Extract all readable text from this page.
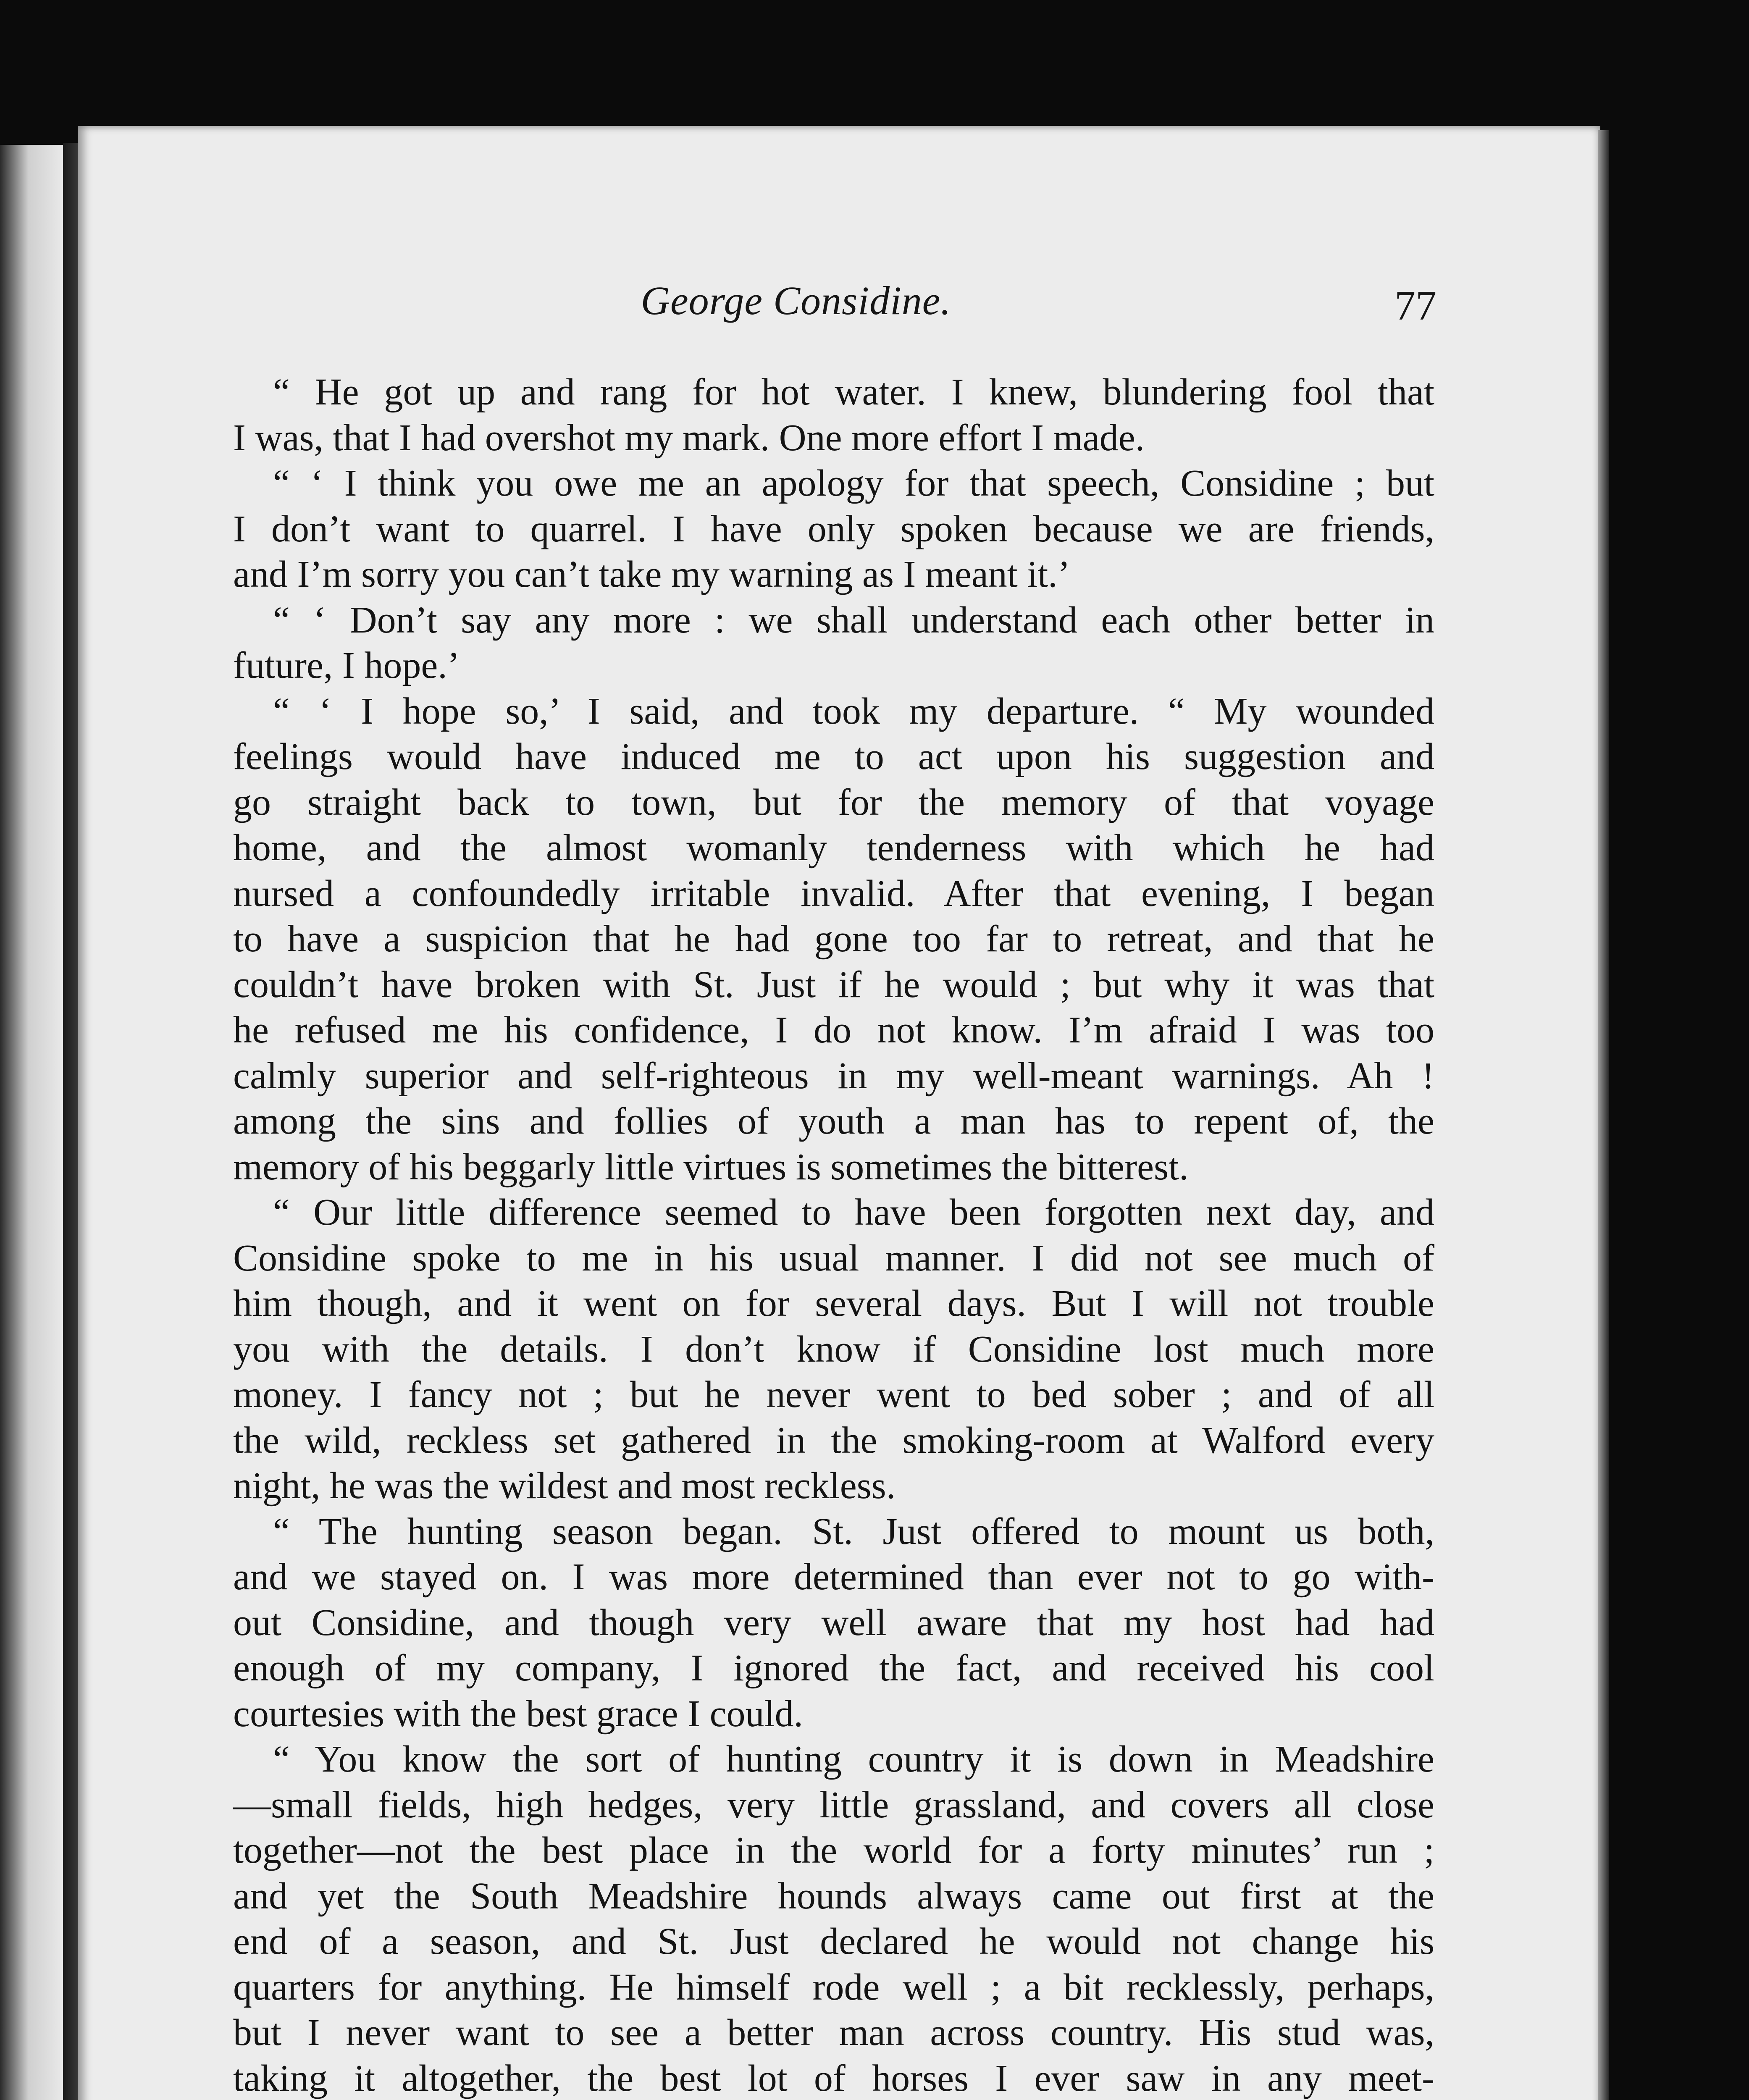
George Considine.	77
“ He got up and rang for hot water. I knew, blundering fool that
I was, that I had overshot my mark. One more effort I made.
“ ‘ I think you owe me an apology for that speech, Considine ; but
I don’t want to quarrel. I have only spoken because we are friends,
and I’m sorry you can’t take my warning as I meant it.’
“ ‘ Don’t say any more : we shall understand each other better in
future, I hope.’
“ ‘ I hope so,’ I said, and took my departure. “ My wounded
feelings would have induced me to act upon his suggestion and
go straight back to town, but for the memory of that voyage
home, and the almost womanly tenderness with which he had
nursed a confoundedly irritable invalid. After that evening, I began
to have a suspicion that he had gone too far to retreat, and that he
couldn’t have broken with St. Just if he would ; but why it was that
he refused me his confidence, I do not know. I’m afraid I was too
calmly superior and self-righteous in my well-meant warnings. Ah !
among the sins and follies of youth a man has to repent of, the
memory of his beggarly little virtues is sometimes the bitterest.
“ Our little difference seemed to have been forgotten next day, and
Considine spoke to me in his usual manner. I did not see much of
him though, and it went on for several days. But I will not trouble
you with the details. I don’t know if Considine lost much more
money. I fancy not ; but he never went to bed sober ; and of all
the wild, reckless set gathered in the smoking-room at Walford every
night, he was the wildest and most reckless.
“ The hunting season began. St. Just offered to mount us both,
and we stayed on. I was more determined than ever not to go with-
out Considine, and though very well aware that my host had had
enough of my company, I ignored the fact, and received his cool
courtesies with the best grace I could.
“ You know the sort of hunting country it is down in Meadshire
—small fields, high hedges, very little grassland, and covers all close
together—not the best place in the world for a forty minutes’ run ;
and yet the South Meadshire hounds always came out first at the
end of a season, and St. Just declared he would not change his
quarters for anything. He himself rode well ; a bit recklessly, perhaps,
but I never want to see a better man across country. His stud was,
taking it altogether, the best lot of horses I ever saw in any meet-
